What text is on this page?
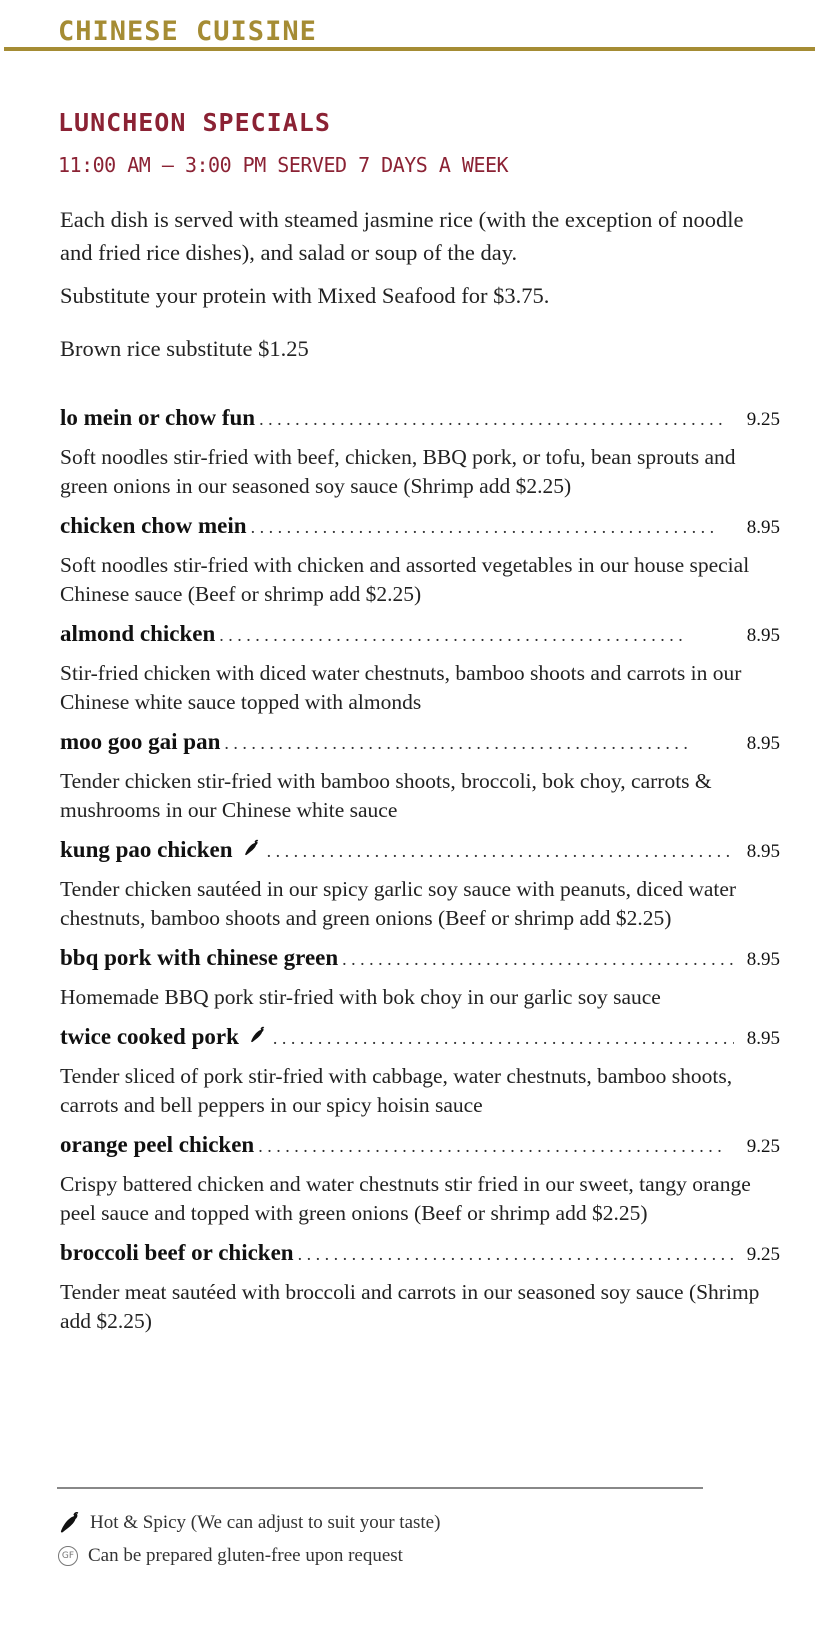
CHINESE CUISINE
LUNCHEON SPECIALS
11:00 AM – 3:00 PM SERVED 7 DAYS A WEEK

Each dish is served with steamed jasmine rice (with the exception of noodle and fried rice dishes), and salad or soup of the day.

Substitute your protein with Mixed Seafood for $3.75.

Brown rice substitute $1.25

lo mein or chow fun . . .	9.25

Soft noodles stir-fried with beef, chicken, BBQ pork, or tofu, bean sprouts and green onions in our seasoned soy sauce (Shrimp add $2.25)

chicken chow mein . . .	8.95

Soft noodles stir-fried with chicken and assorted vegetables in our house special Chinese sauce (Beef or shrimp add $2.25)

almond chicken . . .	8.95

Stir-fried chicken with diced water chestnuts, bamboo shoots and carrots in our Chinese white sauce topped with almonds

moo goo gai pan . . .	8.95

Tender chicken stir-fried with bamboo shoots, broccoli, bok choy, carrots & mushrooms in our Chinese white sauce

kung pao chicken . . .	8.95

Tender chicken sautéed in our spicy garlic soy sauce with peanuts, diced water chestnuts, bamboo shoots and green onions (Beef or shrimp add $2.25)

bbq pork with chinese green . . .	8.95

Homemade BBQ pork stir-fried with bok choy in our garlic soy sauce

twice cooked pork . . .	8.95

Tender sliced of pork stir-fried with cabbage, water chestnuts, bamboo shoots, carrots and bell peppers in our spicy hoisin sauce

orange peel chicken . . .	9.25

Crispy battered chicken and water chestnuts stir fried in our sweet, tangy orange peel sauce and topped with green onions (Beef or shrimp add $2.25)

broccoli beef or chicken . . .	9.25

Tender meat sautéed with broccoli and carrots in our seasoned soy sauce (Shrimp add $2.25)

Hot & Spicy (We can adjust to suit your taste)
GF Can be prepared gluten-free upon request
